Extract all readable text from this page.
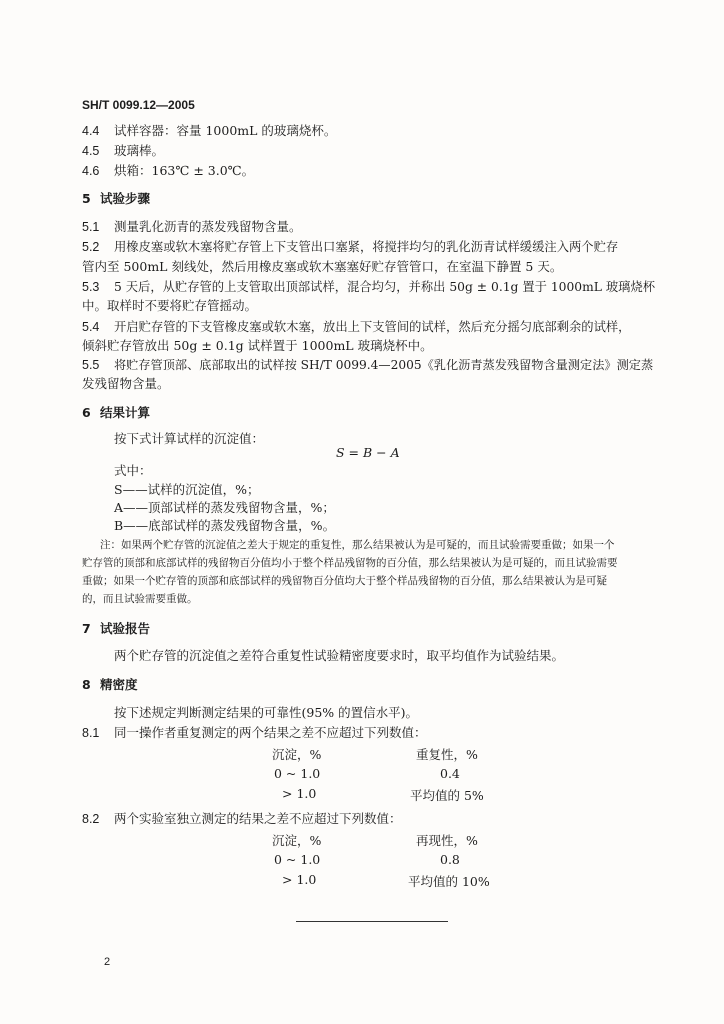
SH/T 0099.12—2005
4.4 试样容器：容量 1000mL 的玻璃烧杯。
4.5 玻璃棒。
4.6 烘箱：163℃ ± 3.0℃。
5 试验步骤
5.1 测量乳化沥青的蒸发残留物含量。
5.2 用橡皮塞或软木塞将贮存管上下支管出口塞紧，将搅拌均匀的乳化沥青试样缓缓注入两个贮存
管内至 500mL 刻线处，然后用橡皮塞或软木塞塞好贮存管管口，在室温下静置 5 天。
5.3 5 天后，从贮存管的上支管取出顶部试样，混合均匀，并称出 50g ± 0.1g 置于 1000mL 玻璃烧杯
中。取样时不要将贮存管摇动。
5.4 开启贮存管的下支管橡皮塞或软木塞，放出上下支管间的试样，然后充分摇匀底部剩余的试样，
倾斜贮存管放出 50g ± 0.1g 试样置于 1000mL 玻璃烧杯中。
5.5 将贮存管顶部、底部取出的试样按 SH/T 0099.4—2005《乳化沥青蒸发残留物含量测定法》测定蒸
发残留物含量。
6 结果计算
按下式计算试样的沉淀值：
S = B − A
式中：
S——试样的沉淀值，%；
A——顶部试样的蒸发残留物含量，%；
B——底部试样的蒸发残留物含量，%。
注：如果两个贮存管的沉淀值之差大于规定的重复性，那么结果被认为是可疑的，而且试验需要重做；如果一个
贮存管的顶部和底部试样的残留物百分值均小于整个样品残留物的百分值，那么结果被认为是可疑的，而且试验需要
重做；如果一个贮存管的顶部和底部试样的残留物百分值均大于整个样品残留物的百分值，那么结果被认为是可疑
的，而且试验需要重做。
7 试验报告
两个贮存管的沉淀值之差符合重复性试验精密度要求时，取平均值作为试验结果。
8 精密度
按下述规定判断测定结果的可靠性(95% 的置信水平)。
8.1 同一操作者重复测定的两个结果之差不应超过下列数值：
沉淀，%	重复性，%
0 ~ 1.0	0.4
> 1.0	平均值的 5%
8.2 两个实验室独立测定的结果之差不应超过下列数值：
沉淀，%	再现性，%
0 ~ 1.0	0.8
> 1.0	平均值的 10%
2
